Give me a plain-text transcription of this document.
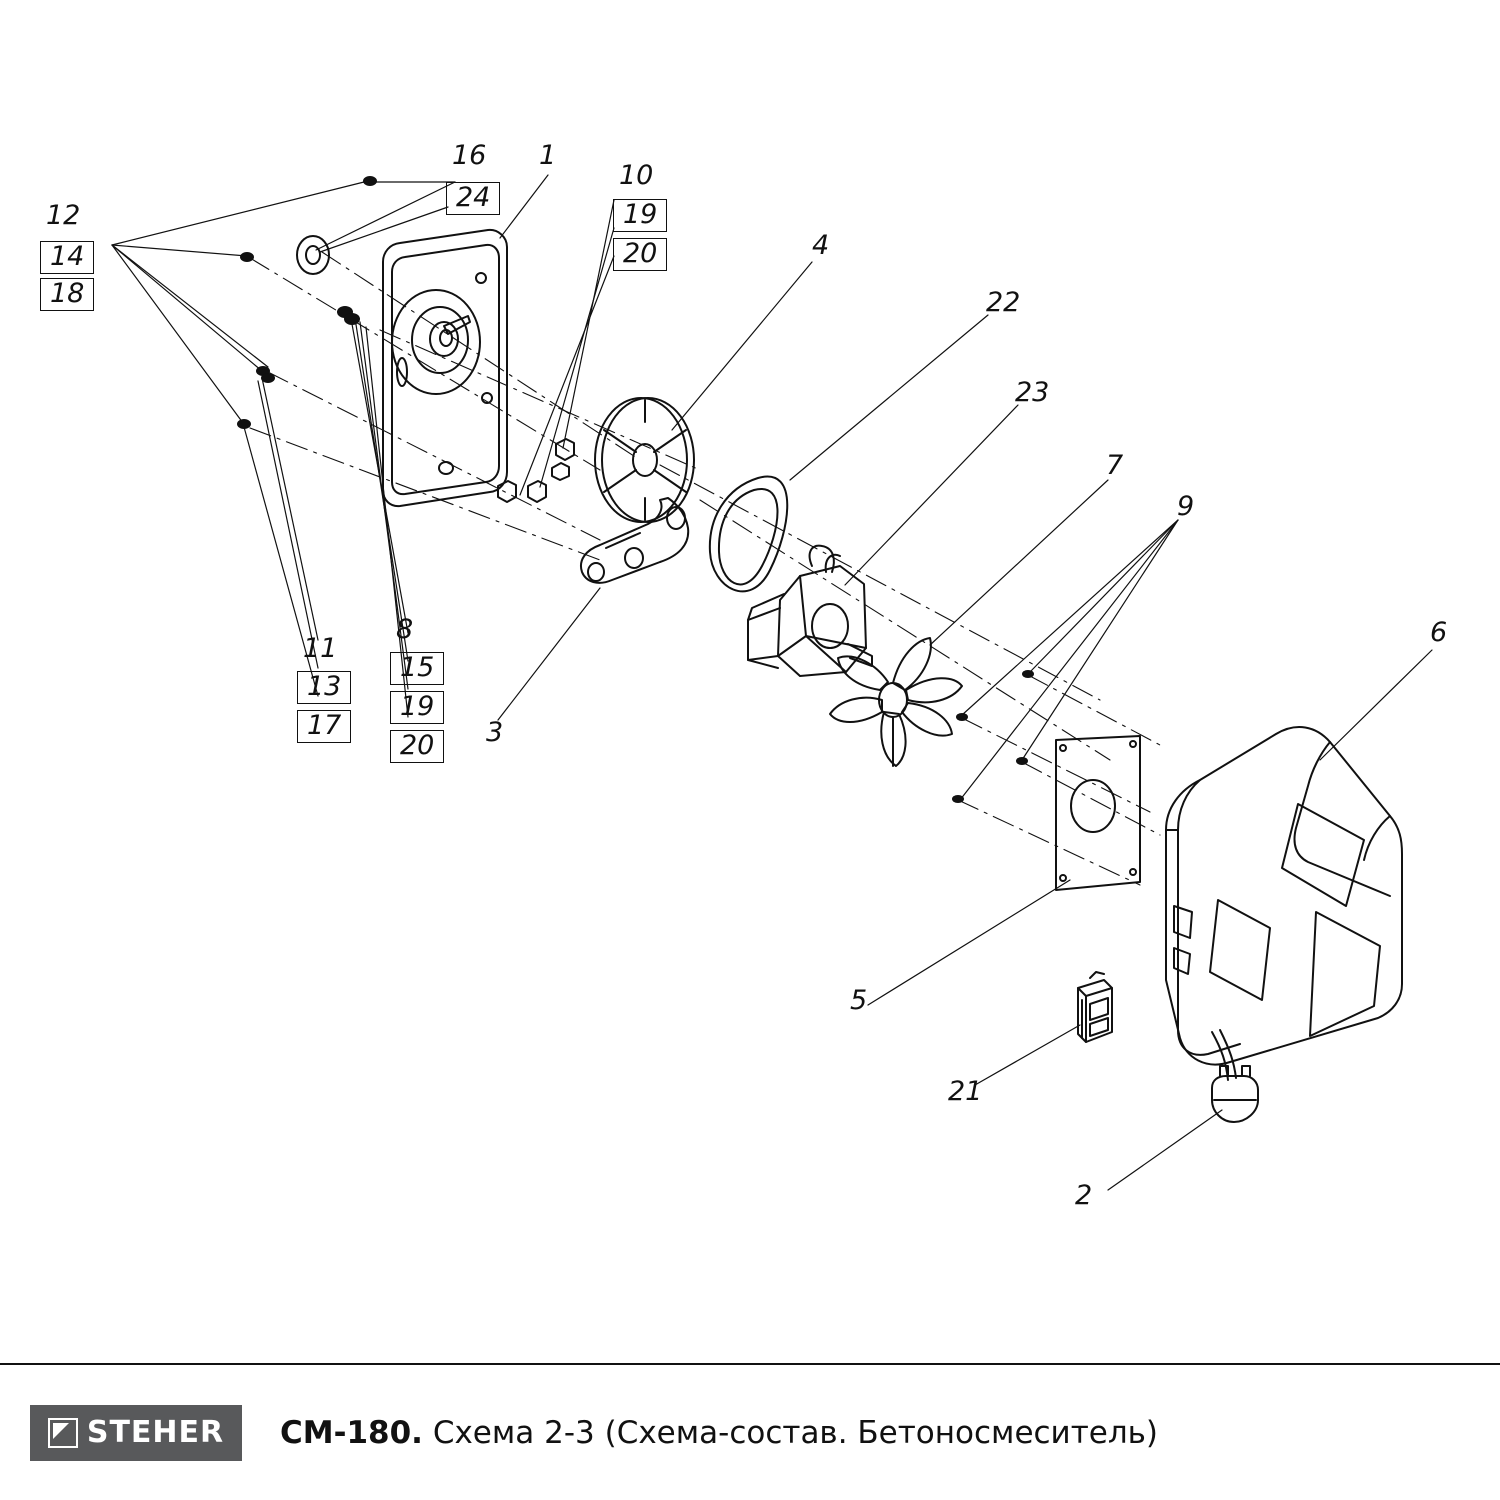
12
14
18
16
24
1
10
19
20	4
22
23
7
9
6
11
13
17
8
15
19
20	3
5
21
2
STEHER СМ-180. Схема 2-3 (Схема-состав. Бетоносмеситель)
